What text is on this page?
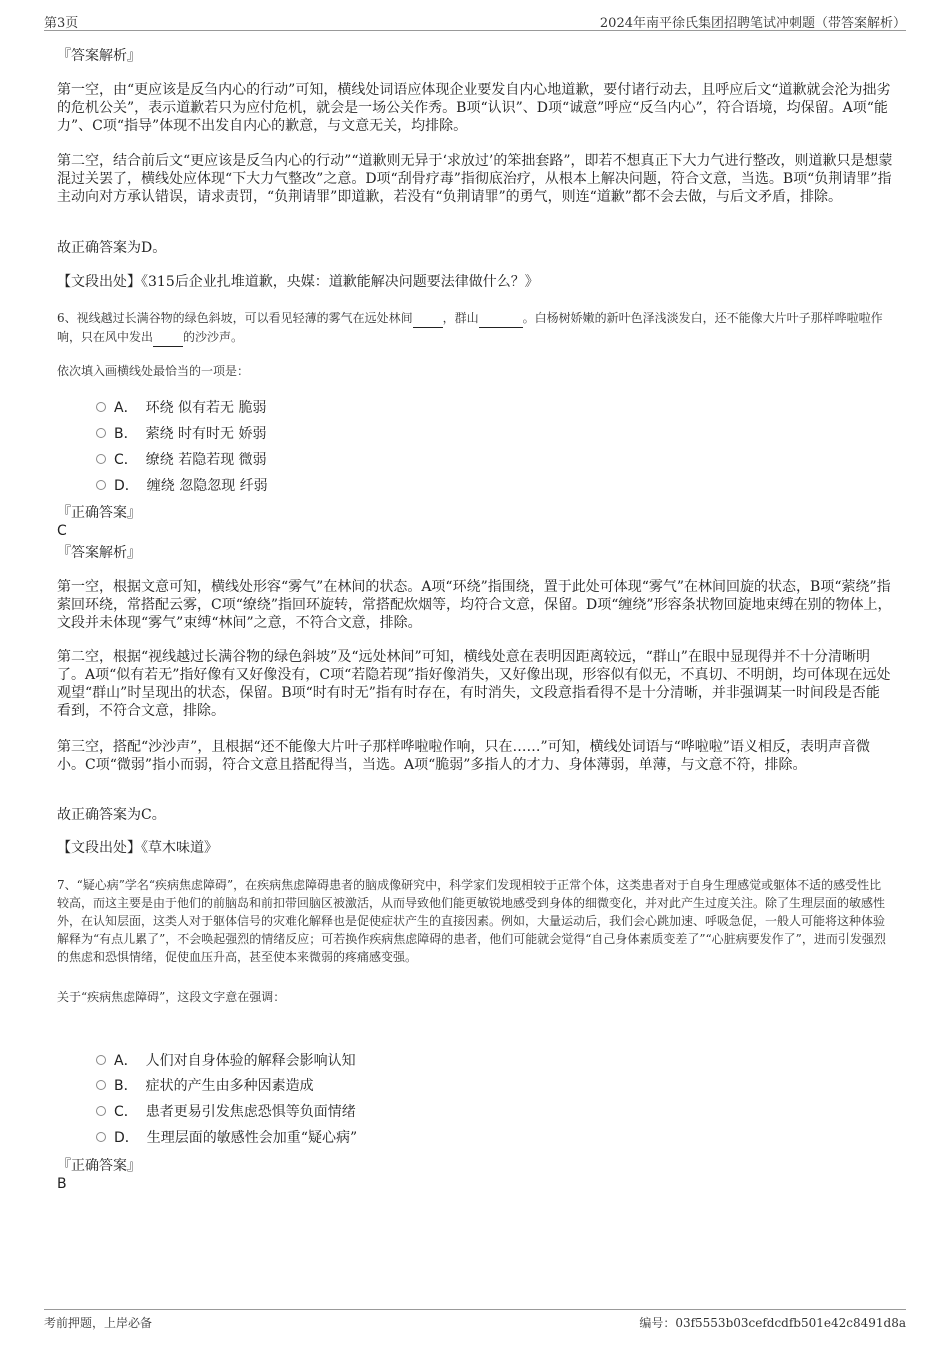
第3页	2024年南平徐氏集团招聘笔试冲刺题（带答案解析）

『答案解析』

第一空，由“更应该是反刍内心的行动”可知，横线处词语应体现企业要发自内心地道歉，要付诸行动去，且呼应后文“道歉就会沦为拙劣的危机公关”，表示道歉若只为应付危机，就会是一场公关作秀。B项“认识”、D项“诚意”呼应“反刍内心”，符合语境，均保留。A项“能力”、C项“指导”体现不出发自内心的歉意，与文意无关，均排除。

第二空，结合前后文“更应该是反刍内心的行动”“道歉则无异于‘求放过’的笨拙套路”，即若不想真正下大力气进行整改，则道歉只是想蒙混过关罢了，横线处应体现“下大力气整改”之意。D项“刮骨疗毒”指彻底治疗，从根本上解决问题，符合文意，当选。B项“负荆请罪”指主动向对方承认错误，请求责罚，“负荆请罪”即道歉，若没有“负荆请罪”的勇气，则连“道歉”都不会去做，与后文矛盾，排除。

故正确答案为D。

【文段出处】《315后企业扎堆道歉，央媒：道歉能解决问题要法律做什么？》

6、视线越过长满谷物的绿色斜坡，可以看见轻薄的雾气在远处林间	，群山	。白杨树娇嫩的新叶色泽浅淡发白，还不能像大片叶子那样哗啦啦作响，只在风中发出	的沙沙声。

依次填入画横线处最恰当的一项是：

A． 环绕 似有若无 脆弱
B． 萦绕 时有时无 娇弱
C． 缭绕 若隐若现 微弱
D． 缠绕 忽隐忽现 纤弱

『正确答案』

C

『答案解析』

第一空，根据文意可知，横线处形容“雾气”在林间的状态。A项“环绕”指围绕，置于此处可体现“雾气”在林间回旋的状态，B项“萦绕”指萦回环绕，常搭配云雾，C项“缭绕”指回环旋转，常搭配炊烟等，均符合文意，保留。D项“缠绕”形容条状物回旋地束缚在别的物体上，文段并未体现“雾气”束缚“林间”之意，不符合文意，排除。

第二空，根据“视线越过长满谷物的绿色斜坡”及“远处林间”可知，横线处意在表明因距离较远，“群山”在眼中显现得并不十分清晰明了。A项“似有若无”指好像有又好像没有，C项“若隐若现”指好像消失，又好像出现，形容似有似无，不真切、不明朗，均可体现在远处观望“群山”时呈现出的状态，保留。B项“时有时无”指有时存在，有时消失，文段意指看得不是十分清晰，并非强调某一时间段是否能看到，不符合文意，排除。

第三空，搭配“沙沙声”，且根据“还不能像大片叶子那样哗啦啦作响，只在……”可知，横线处词语与“哗啦啦”语义相反，表明声音微小。C项“微弱”指小而弱，符合文意且搭配得当，当选。A项“脆弱”多指人的才力、身体薄弱，单薄，与文意不符，排除。

故正确答案为C。

【文段出处】《草木味道》

7、“疑心病”学名“疾病焦虑障碍”，在疾病焦虑障碍患者的脑成像研究中，科学家们发现相较于正常个体，这类患者对于自身生理感觉或躯体不适的感受性比较高，而这主要是由于他们的前脑岛和前扣带回脑区被激活，从而导致他们能更敏锐地感受到身体的细微变化，并对此产生过度关注。除了生理层面的敏感性外，在认知层面，这类人对于躯体信号的灾难化解释也是促使症状产生的直接因素。例如，大量运动后，我们会心跳加速、呼吸急促，一般人可能将这种体验解释为“有点儿累了”，不会唤起强烈的情绪反应；可若换作疾病焦虑障碍的患者，他们可能就会觉得“自己身体素质变差了”“心脏病要发作了”，进而引发强烈的焦虑和恐惧情绪，促使血压升高，甚至使本来微弱的疼痛感变强。

关于“疾病焦虑障碍”，这段文字意在强调：

A． 人们对自身体验的解释会影响认知
B． 症状的产生由多种因素造成
C． 患者更易引发焦虑恐惧等负面情绪
D． 生理层面的敏感性会加重“疑心病”

『正确答案』

B

考前押题，上岸必备	编号：03f5553b03cefdcdfb501e42c8491d8a
